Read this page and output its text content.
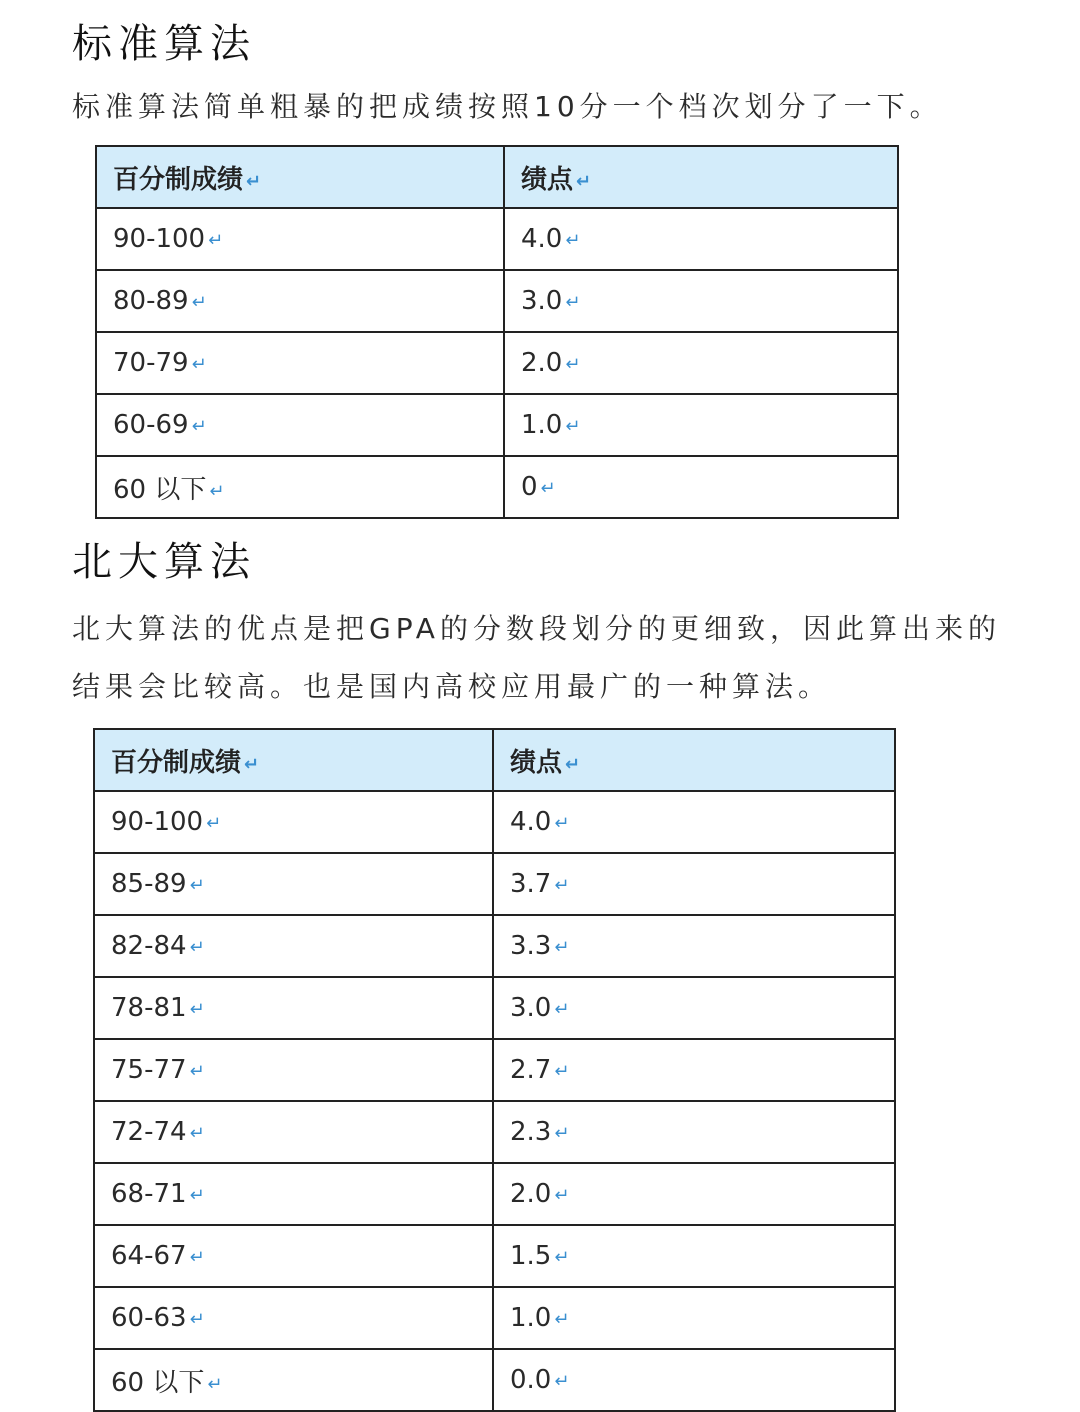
标准算法

标准算法简单粗暴的把成绩按照10分一个档次划分了一下。

百分制成绩 ↵	绩点 ↵
90-100 ↵	4.0 ↵
80-89 ↵	3.0 ↵
70-79 ↵	2.0 ↵
60-69 ↵	1.0 ↵
60 以下 ↵	0 ↵
北大算法

北大算法的优点是把GPA的分数段划分的更细致，因此算出来的

结果会比较高。也是国内高校应用最广的一种算法。

百分制成绩 ↵	绩点 ↵
90-100 ↵	4.0 ↵
85-89 ↵	3.7 ↵
82-84 ↵	3.3 ↵
78-81 ↵	3.0 ↵
75-77 ↵	2.7 ↵
72-74 ↵	2.3 ↵
68-71 ↵	2.0 ↵
64-67 ↵	1.5 ↵
60-63 ↵	1.0 ↵
60 以下 ↵	0.0 ↵
